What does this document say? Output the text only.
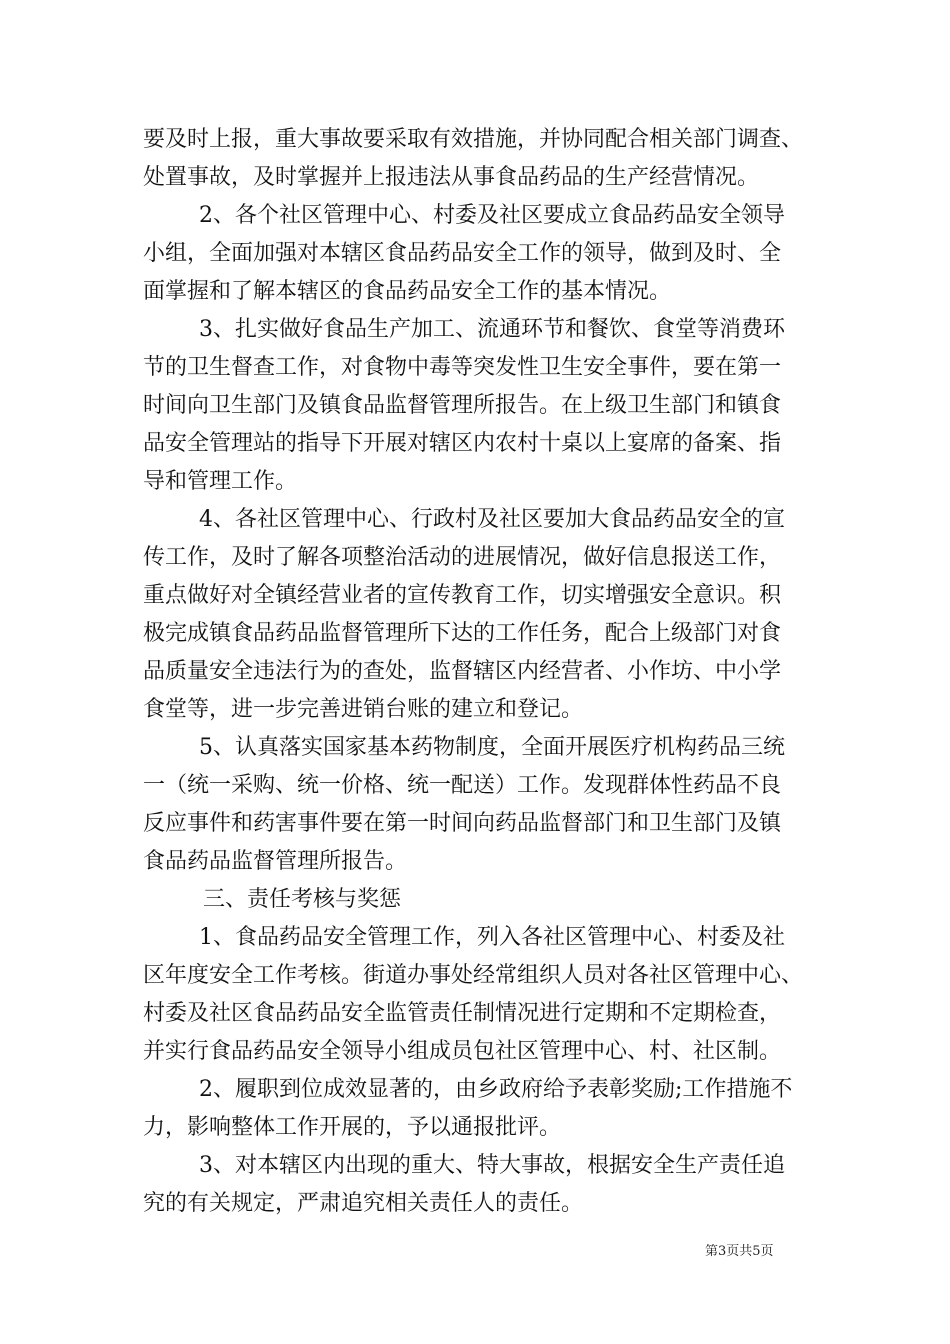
要及时上报，重大事故要采取有效措施，并协同配合相关部门调查、
处置事故，及时掌握并上报违法从事食品药品的生产经营情况。
2、各个社区管理中心、村委及社区要成立食品药品安全领导
小组，全面加强对本辖区食品药品安全工作的领导，做到及时、全
面掌握和了解本辖区的食品药品安全工作的基本情况。
3、扎实做好食品生产加工、流通环节和餐饮、食堂等消费环
节的卫生督查工作，对食物中毒等突发性卫生安全事件，要在第一
时间向卫生部门及镇食品监督管理所报告。在上级卫生部门和镇食
品安全管理站的指导下开展对辖区内农村十桌以上宴席的备案、指
导和管理工作。
4、各社区管理中心、行政村及社区要加大食品药品安全的宣
传工作，及时了解各项整治活动的进展情况，做好信息报送工作，
重点做好对全镇经营业者的宣传教育工作，切实增强安全意识。积
极完成镇食品药品监督管理所下达的工作任务，配合上级部门对食
品质量安全违法行为的查处，监督辖区内经营者、小作坊、中小学
食堂等，进一步完善进销台账的建立和登记。
5、认真落实国家基本药物制度，全面开展医疗机构药品三统
一（统一采购、统一价格、统一配送）工作。发现群体性药品不良
反应事件和药害事件要在第一时间向药品监督部门和卫生部门及镇
食品药品监督管理所报告。
三、责任考核与奖惩
1、食品药品安全管理工作，列入各社区管理中心、村委及社
区年度安全工作考核。街道办事处经常组织人员对各社区管理中心、
村委及社区食品药品安全监管责任制情况进行定期和不定期检查，
并实行食品药品安全领导小组成员包社区管理中心、村、社区制。
2、履职到位成效显著的，由乡政府给予表彰奖励;工作措施不
力，影响整体工作开展的，予以通报批评。
3、对本辖区内出现的重大、特大事故，根据安全生产责任追
究的有关规定，严肃追究相关责任人的责任。
第3页共5页
